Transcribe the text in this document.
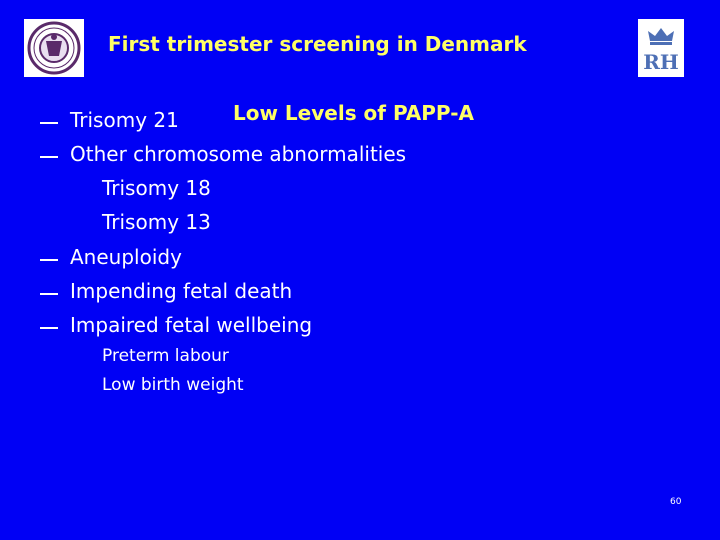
First trimester screening in Denmark
RH
Low Levels of PAPP-A
Trisomy 21
Other chromosome abnormalities
Trisomy 18
Trisomy 13
Aneuploidy
Impending fetal death
Impaired fetal wellbeing
Preterm labour
Low birth weight
60
